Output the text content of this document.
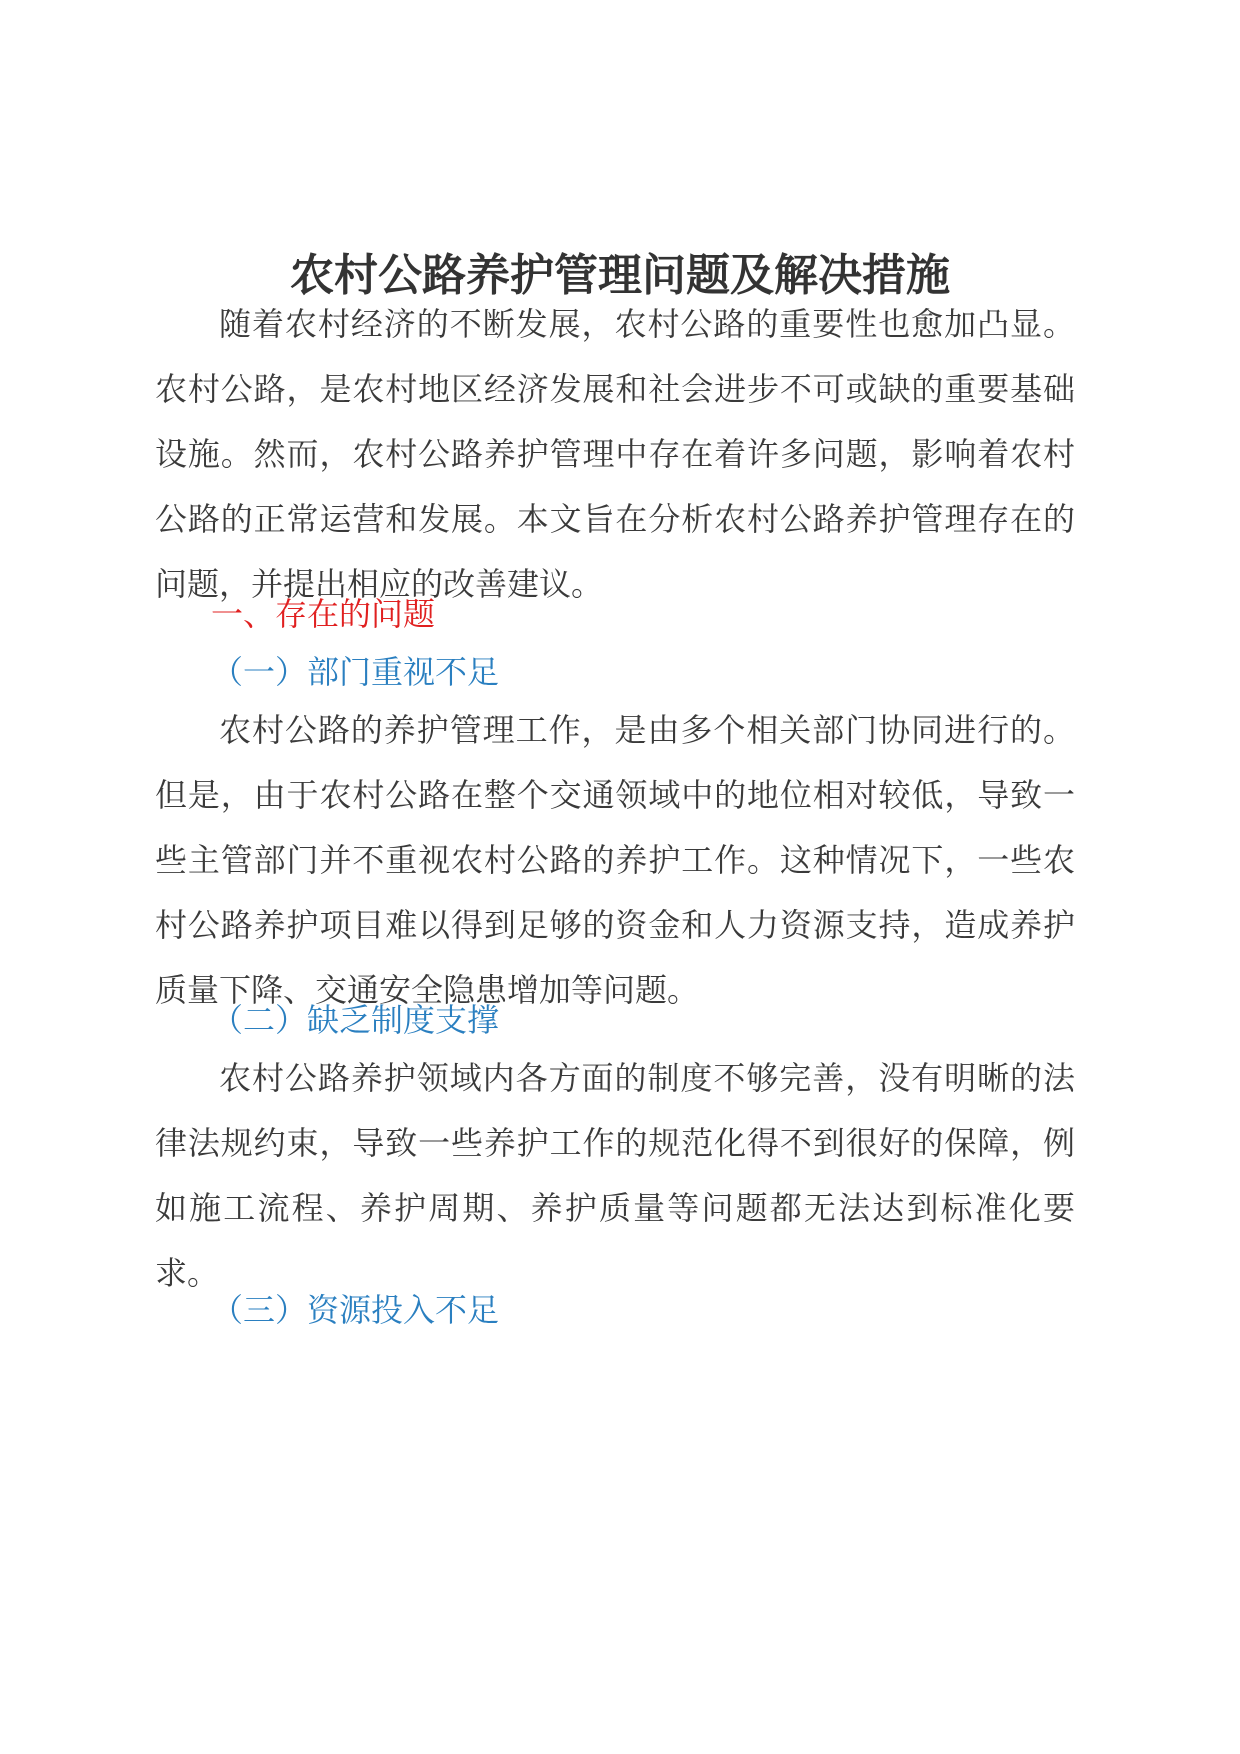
农村公路养护管理问题及解决措施

随着农村经济的不断发展，农村公路的重要性也愈加凸显。农村公路，是农村地区经济发展和社会进步不可或缺的重要基础设施。然而，农村公路养护管理中存在着许多问题，影响着农村公路的正常运营和发展。本文旨在分析农村公路养护管理存在的问题，并提出相应的改善建议。

一、存在的问题

（一）部门重视不足

农村公路的养护管理工作，是由多个相关部门协同进行的。但是，由于农村公路在整个交通领域中的地位相对较低，导致一些主管部门并不重视农村公路的养护工作。这种情况下，一些农村公路养护项目难以得到足够的资金和人力资源支持，造成养护质量下降、交通安全隐患增加等问题。

（二）缺乏制度支撑

农村公路养护领域内各方面的制度不够完善，没有明晰的法律法规约束，导致一些养护工作的规范化得不到很好的保障，例如施工流程、养护周期、养护质量等问题都无法达到标准化要求。

（三）资源投入不足
